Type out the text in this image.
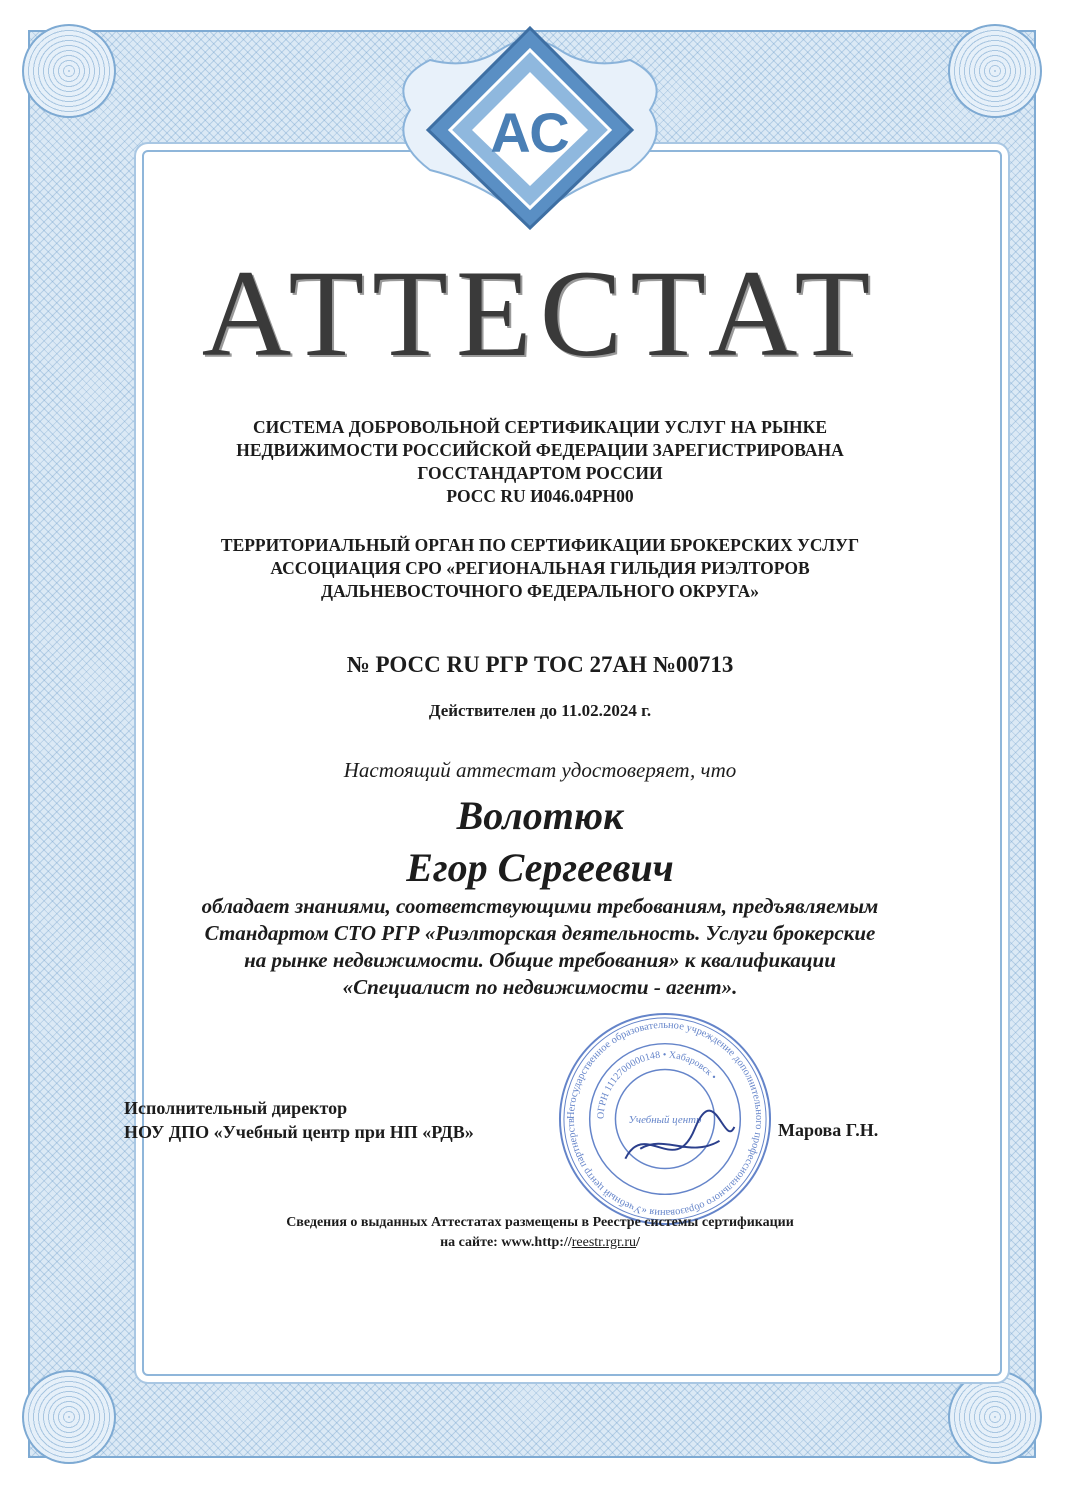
АС
АТТЕСТАТ
СИСТЕМА ДОБРОВОЛЬНОЙ СЕРТИФИКАЦИИ УСЛУГ НА РЫНКЕ
НЕДВИЖИМОСТИ РОССИЙСКОЙ ФЕДЕРАЦИИ ЗАРЕГИСТРИРОВАНА
ГОССТАНДАРТОМ РОССИИ
РОСС RU И046.04РН00
ТЕРРИТОРИАЛЬНЫЙ ОРГАН ПО СЕРТИФИКАЦИИ БРОКЕРСКИХ УСЛУГ
АССОЦИАЦИЯ СРО «РЕГИОНАЛЬНАЯ ГИЛЬДИЯ РИЭЛТОРОВ
ДАЛЬНЕВОСТОЧНОГО ФЕДЕРАЛЬНОГО ОКРУГА»
№ РОСС RU РГР ТОС 27АН №00713
Действителен до 11.02.2024 г.
Настоящий аттестат удостоверяет, что
Волотюк
Егор Сергеевич
обладает знаниями, соответствующими требованиям, предъявляемым
Стандартом СТО РГР «Риэлторская деятельность. Услуги брокерские
на рынке недвижимости. Общие требования» к квалификации
«Специалист по недвижимости - агент».
Негосударственное образовательное учреждение дополнительного профессионального образования «Учебный центр партнерств
ОГРН 1112700000148 • Хабаровск •
Учебный центр
Исполнительный директор
НОУ ДПО «Учебный центр при НП «РДВ»	Марова Г.Н.
Сведения о выданных Аттестатах размещены в Реестре системы сертификации
на сайте: www.http://reestr.rgr.ru/
